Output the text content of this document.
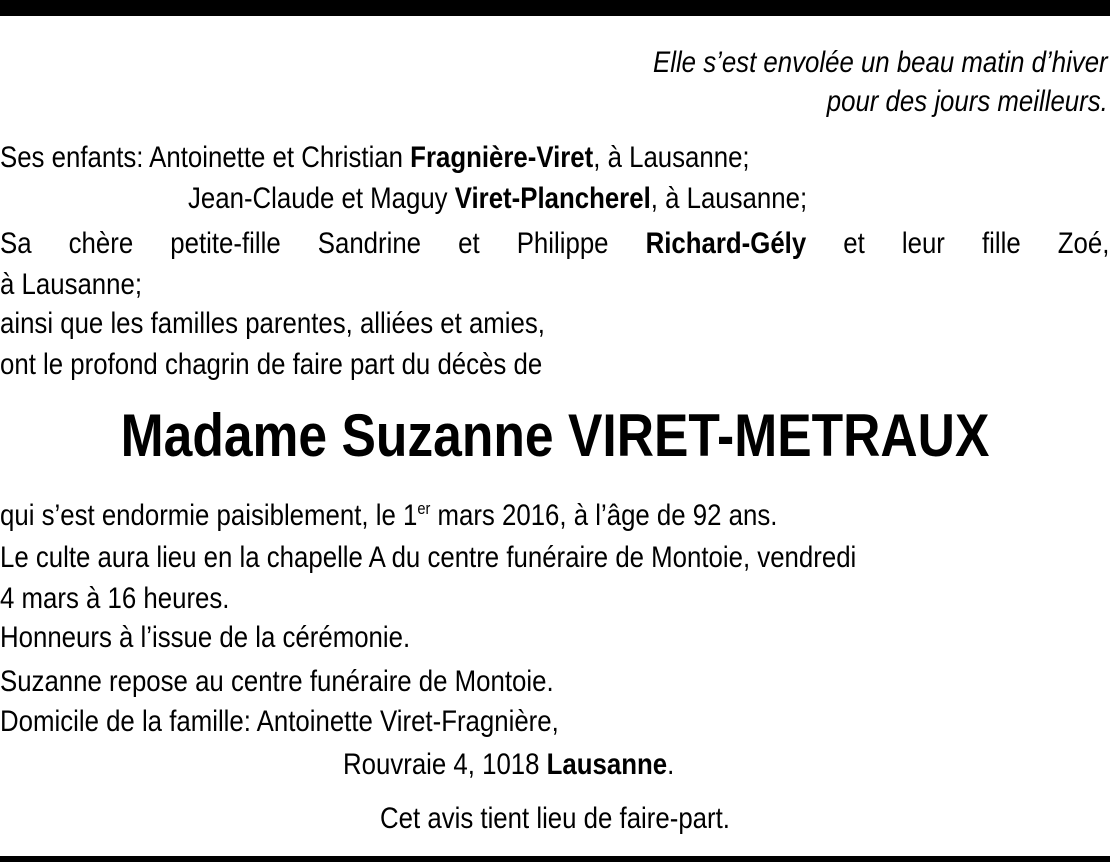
Elle s’est envolée un beau matin d’hiver
pour des jours meilleurs.
Ses enfants: Antoinette et Christian Fragnière-Viret, à Lausanne;
Jean-Claude et Maguy Viret-Plancherel, à Lausanne;
Sa chère petite-fille Sandrine et Philippe Richard-Gély et leur fille Zoé,
à Lausanne;
ainsi que les familles parentes, alliées et amies,
ont le profond chagrin de faire part du décès de
Madame Suzanne VIRET-METRAUX
qui s’est endormie paisiblement, le 1er mars 2016, à l’âge de 92 ans.
Le culte aura lieu en la chapelle A du centre funéraire de Montoie, vendredi
4 mars à 16 heures.
Honneurs à l’issue de la cérémonie.
Suzanne repose au centre funéraire de Montoie.
Domicile de la famille: Antoinette Viret-Fragnière,
Rouvraie 4, 1018 Lausanne.
Cet avis tient lieu de faire-part.
